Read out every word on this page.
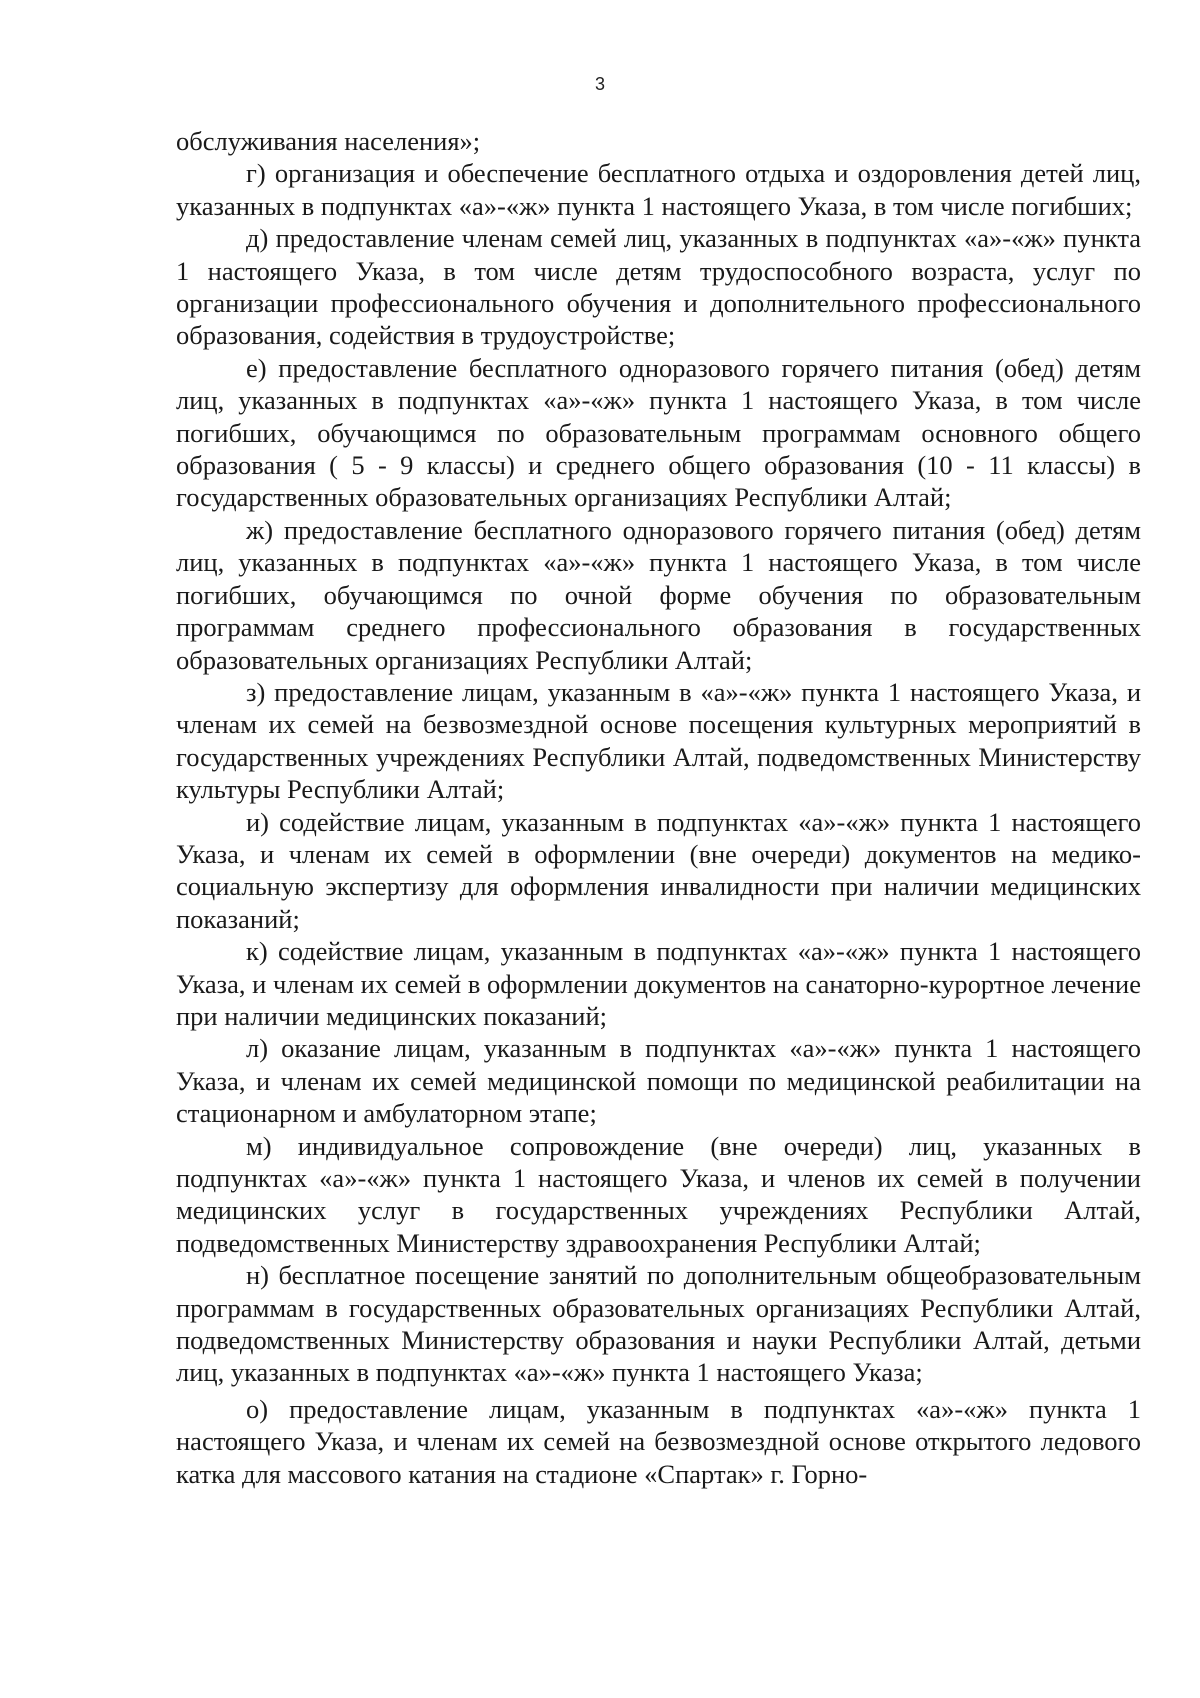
3

обслуживания населения»;

г) организация и обеспечение бесплатного отдыха и оздоровления детей лиц, указанных в подпунктах «а»-«ж» пункта 1 настоящего Указа, в том числе погибших;

д) предоставление членам семей лиц, указанных в подпунктах «а»-«ж» пункта 1 настоящего Указа, в том числе детям трудоспособного возраста, услуг по организации профессионального обучения и дополнительного профессионального образования, содействия в трудоустройстве;

е) предоставление бесплатного одноразового горячего питания (обед) детям лиц, указанных в подпунктах «а»-«ж» пункта 1 настоящего Указа, в том числе погибших, обучающимся по образовательным программам основного общего образования ( 5 - 9 классы) и среднего общего образования (10 - 11 классы) в государственных образовательных организациях Республики Алтай;

ж) предоставление бесплатного одноразового горячего питания (обед) детям лиц, указанных в подпунктах «а»-«ж» пункта 1 настоящего Указа, в том числе погибших, обучающимся по очной форме обучения по образовательным программам среднего профессионального образования в государственных образовательных организациях Республики Алтай;

з) предоставление лицам, указанным в «а»-«ж» пункта 1 настоящего Указа, и членам их семей на безвозмездной основе посещения культурных мероприятий в государственных учреждениях Республики Алтай, подведомственных Министерству культуры Республики Алтай;

и) содействие лицам, указанным в подпунктах «а»-«ж» пункта 1 настоящего Указа, и членам их семей в оформлении (вне очереди) документов на медико-социальную экспертизу для оформления инвалидности при наличии медицинских показаний;

к) содействие лицам, указанным в подпунктах «а»-«ж» пункта 1 настоящего Указа, и членам их семей в оформлении документов на санаторно-курортное лечение при наличии медицинских показаний;

л) оказание лицам, указанным в подпунктах «а»-«ж» пункта 1 настоящего Указа, и членам их семей медицинской помощи по медицинской реабилитации на стационарном и амбулаторном этапе;

м) индивидуальное сопровождение (вне очереди) лиц, указанных в подпунктах «а»-«ж» пункта 1 настоящего Указа, и членов их семей в получении медицинских услуг в государственных учреждениях Республики Алтай, подведомственных Министерству здравоохранения Республики Алтай;

н) бесплатное посещение занятий по дополнительным общеобразовательным программам в государственных образовательных организациях Республики Алтай, подведомственных Министерству образования и науки Республики Алтай, детьми лиц, указанных в подпунктах «а»-«ж» пункта 1 настоящего Указа;

о) предоставление лицам, указанным в подпунктах «а»-«ж» пункта 1 настоящего Указа, и членам их семей на безвозмездной основе открытого ледового катка для массового катания на стадионе «Спартак» г. Горно-
